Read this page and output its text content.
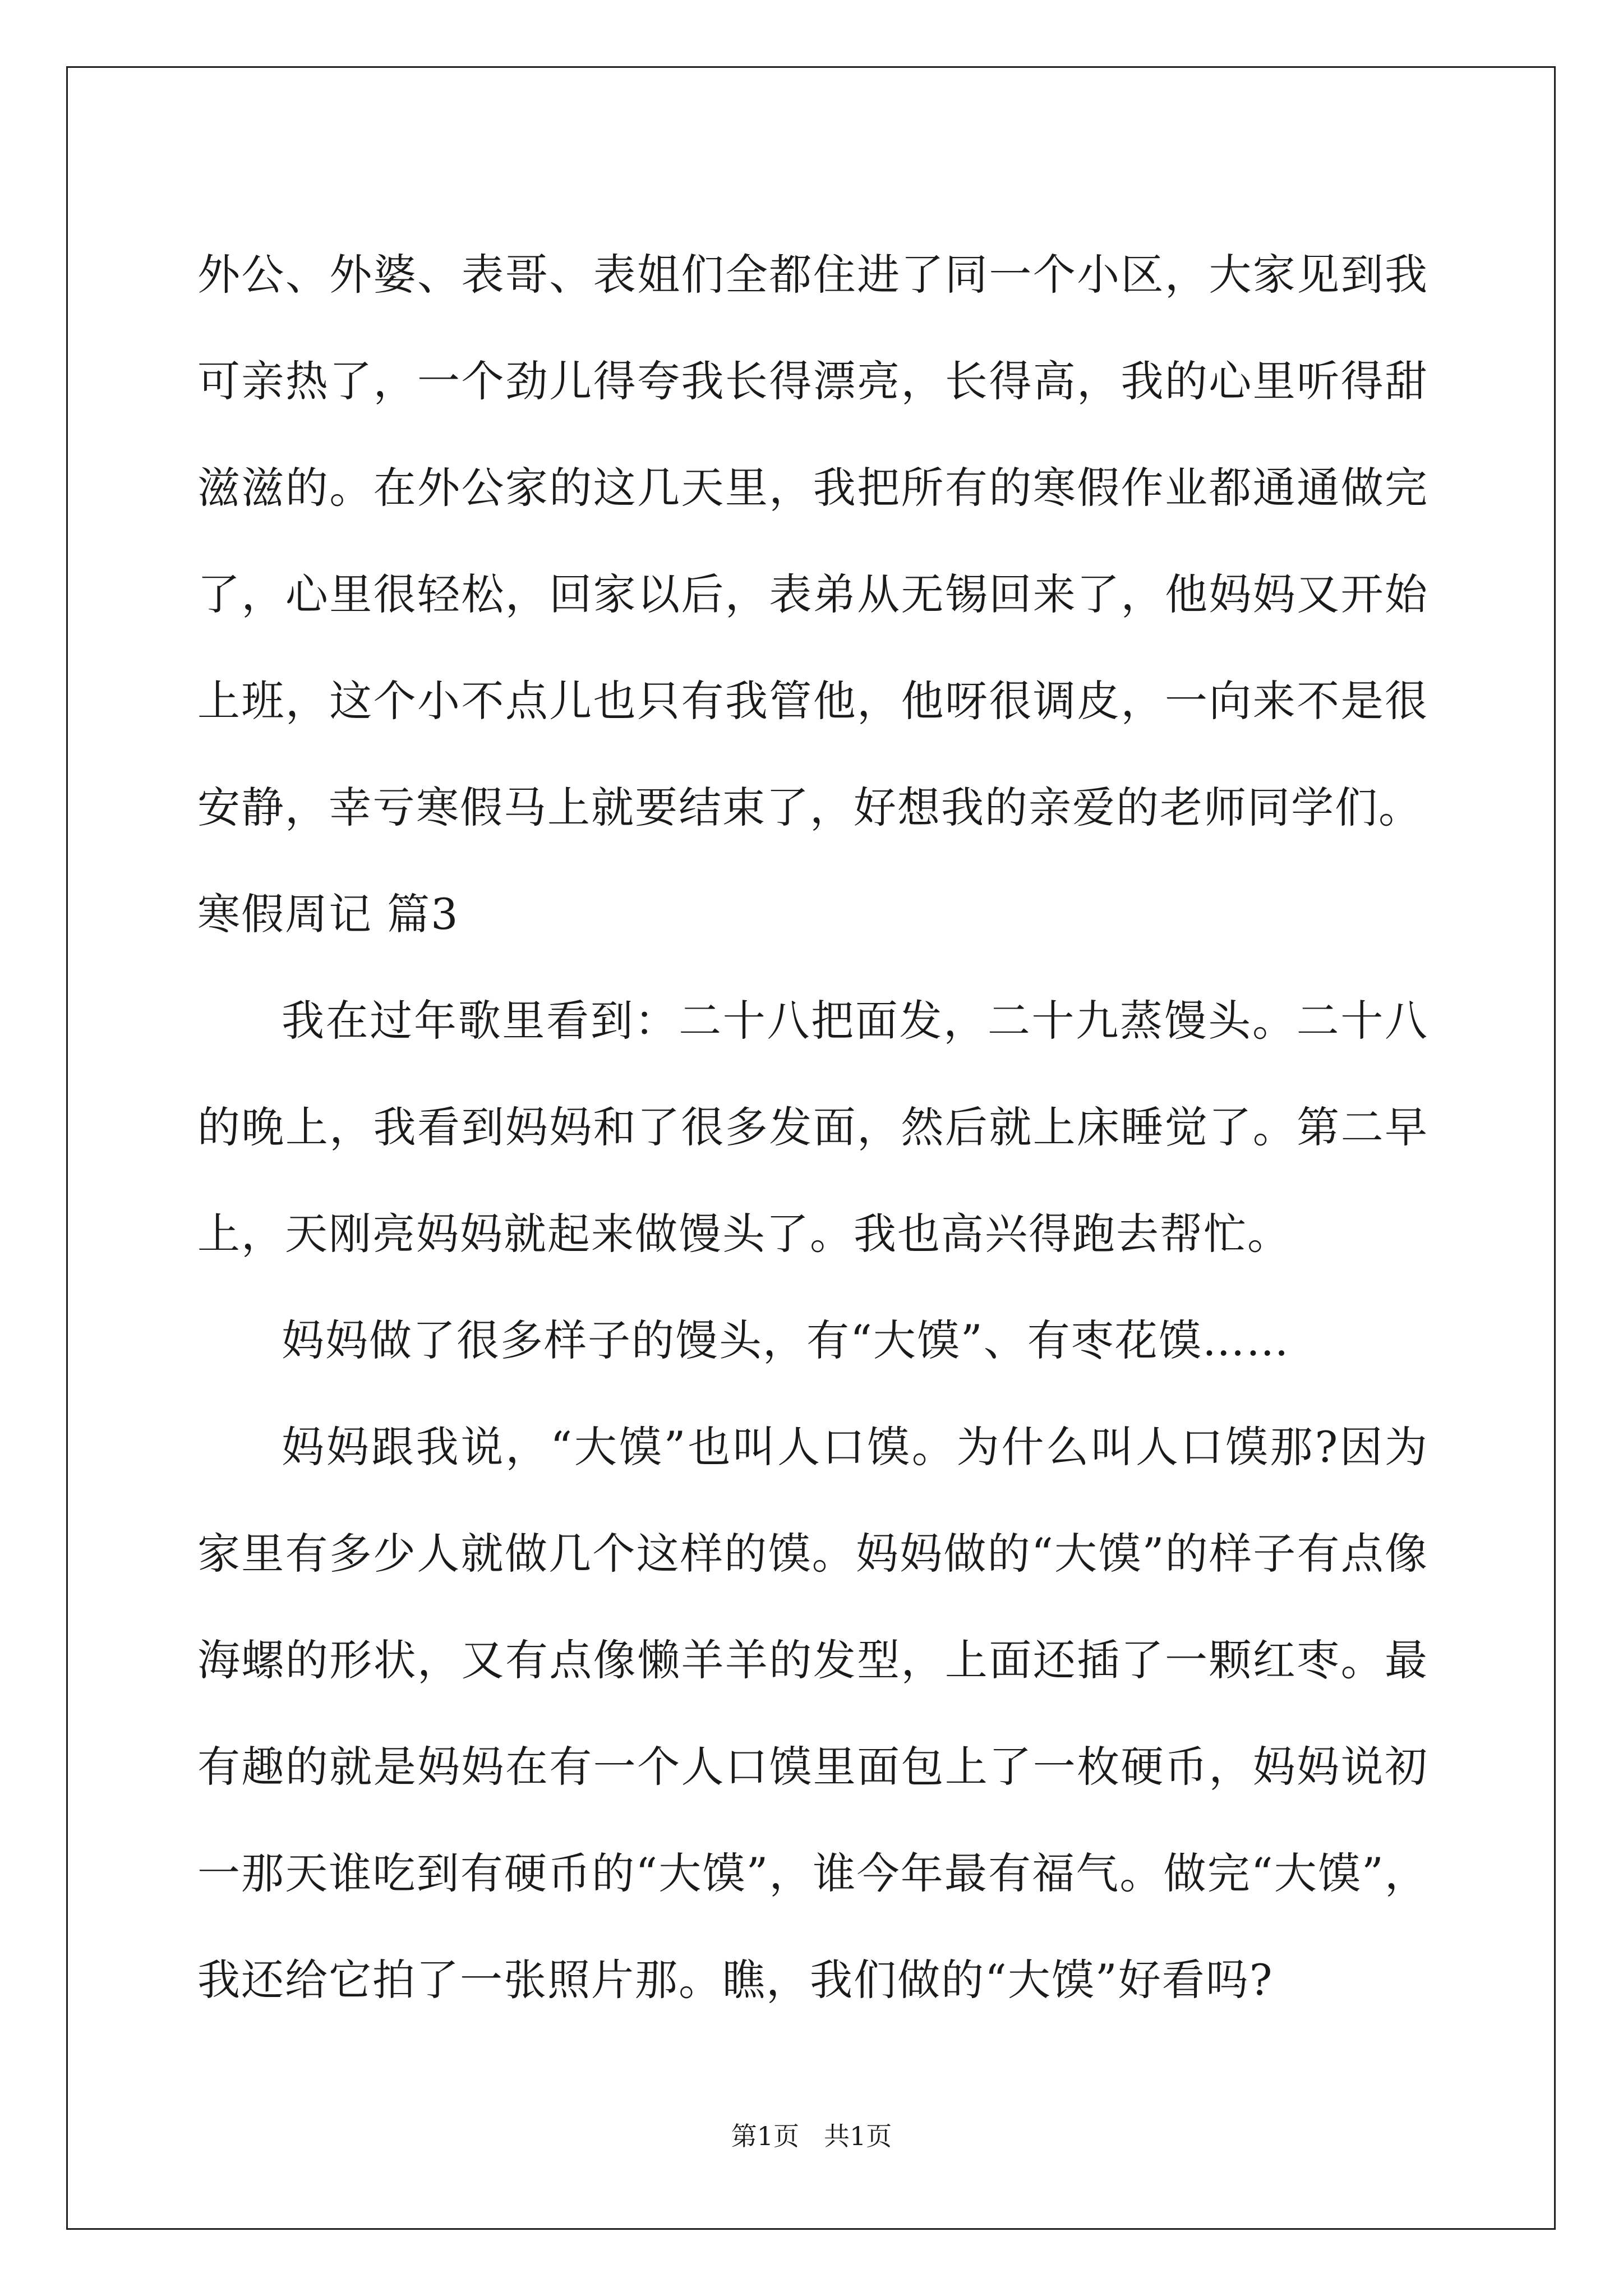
外公、外婆、表哥、表姐们全都住进了同一个小区，大家见到我可亲热了，一个劲儿得夸我长得漂亮，长得高，我的心里听得甜滋滋的。在外公家的这几天里，我把所有的寒假作业都通通做完了，心里很轻松，回家以后，表弟从无锡回来了，他妈妈又开始上班，这个小不点儿也只有我管他，他呀很调皮，一向来不是很安静，幸亏寒假马上就要结束了，好想我的亲爱的老师同学们。

寒假周记 篇3

我在过年歌里看到：二十八把面发，二十九蒸馒头。二十八的晚上，我看到妈妈和了很多发面，然后就上床睡觉了。第二早上，天刚亮妈妈就起来做馒头了。我也高兴得跑去帮忙。

妈妈做了很多样子的馒头，有“大馍”、有枣花馍……

妈妈跟我说，“大馍”也叫人口馍。为什么叫人口馍那?因为家里有多少人就做几个这样的馍。妈妈做的“大馍”的样子有点像海螺的形状，又有点像懒羊羊的发型，上面还插了一颗红枣。最有趣的就是妈妈在有一个人口馍里面包上了一枚硬币，妈妈说初一那天谁吃到有硬币的“大馍”，谁今年最有福气。做完“大馍”，我还给它拍了一张照片那。瞧，我们做的“大馍”好看吗?

第1页 共1页
